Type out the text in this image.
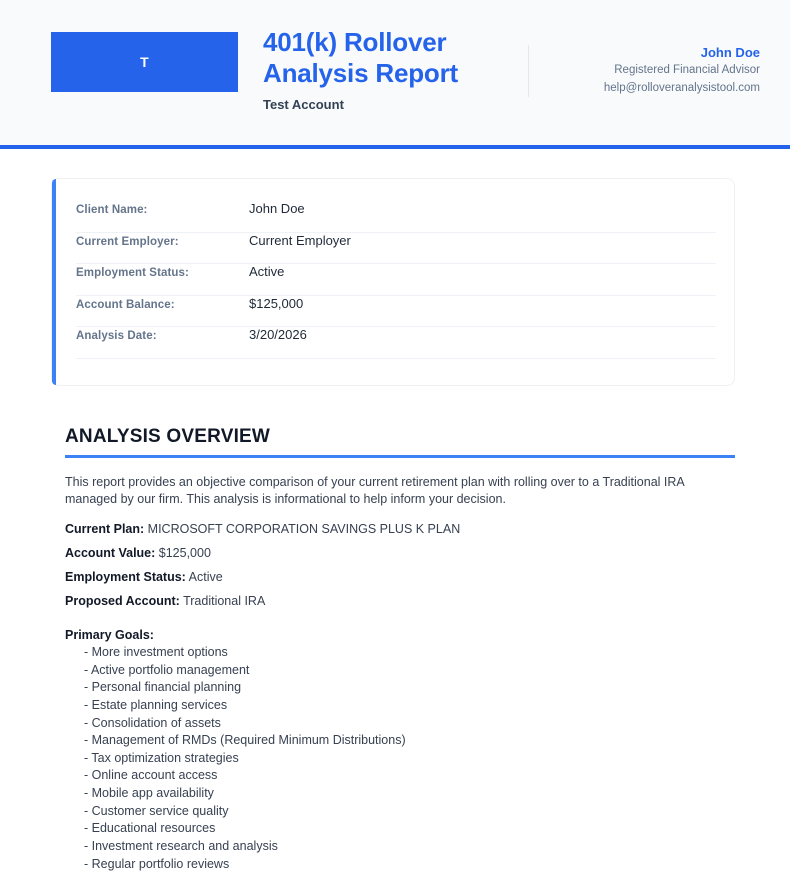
T
401(k) Rollover
Analysis Report
Test Account
John Doe
Registered Financial Advisor
help@rolloveranalysistool.com
Client Name:	John Doe
Current Employer:	Current Employer
Employment Status:	Active
Account Balance:	$125,000
Analysis Date:	3/20/2026
ANALYSIS OVERVIEW

This report provides an objective comparison of your current retirement plan with rolling over to a Traditional IRA managed by our firm. This analysis is informational to help inform your decision.

Current Plan: MICROSOFT CORPORATION SAVINGS PLUS K PLAN
Account Value: $125,000
Employment Status: Active
Proposed Account: Traditional IRA
Primary Goals:
- More investment options
- Active portfolio management
- Personal financial planning
- Estate planning services
- Consolidation of assets
- Management of RMDs (Required Minimum Distributions)
- Tax optimization strategies
- Online account access
- Mobile app availability
- Customer service quality
- Educational resources
- Investment research and analysis
- Regular portfolio reviews
